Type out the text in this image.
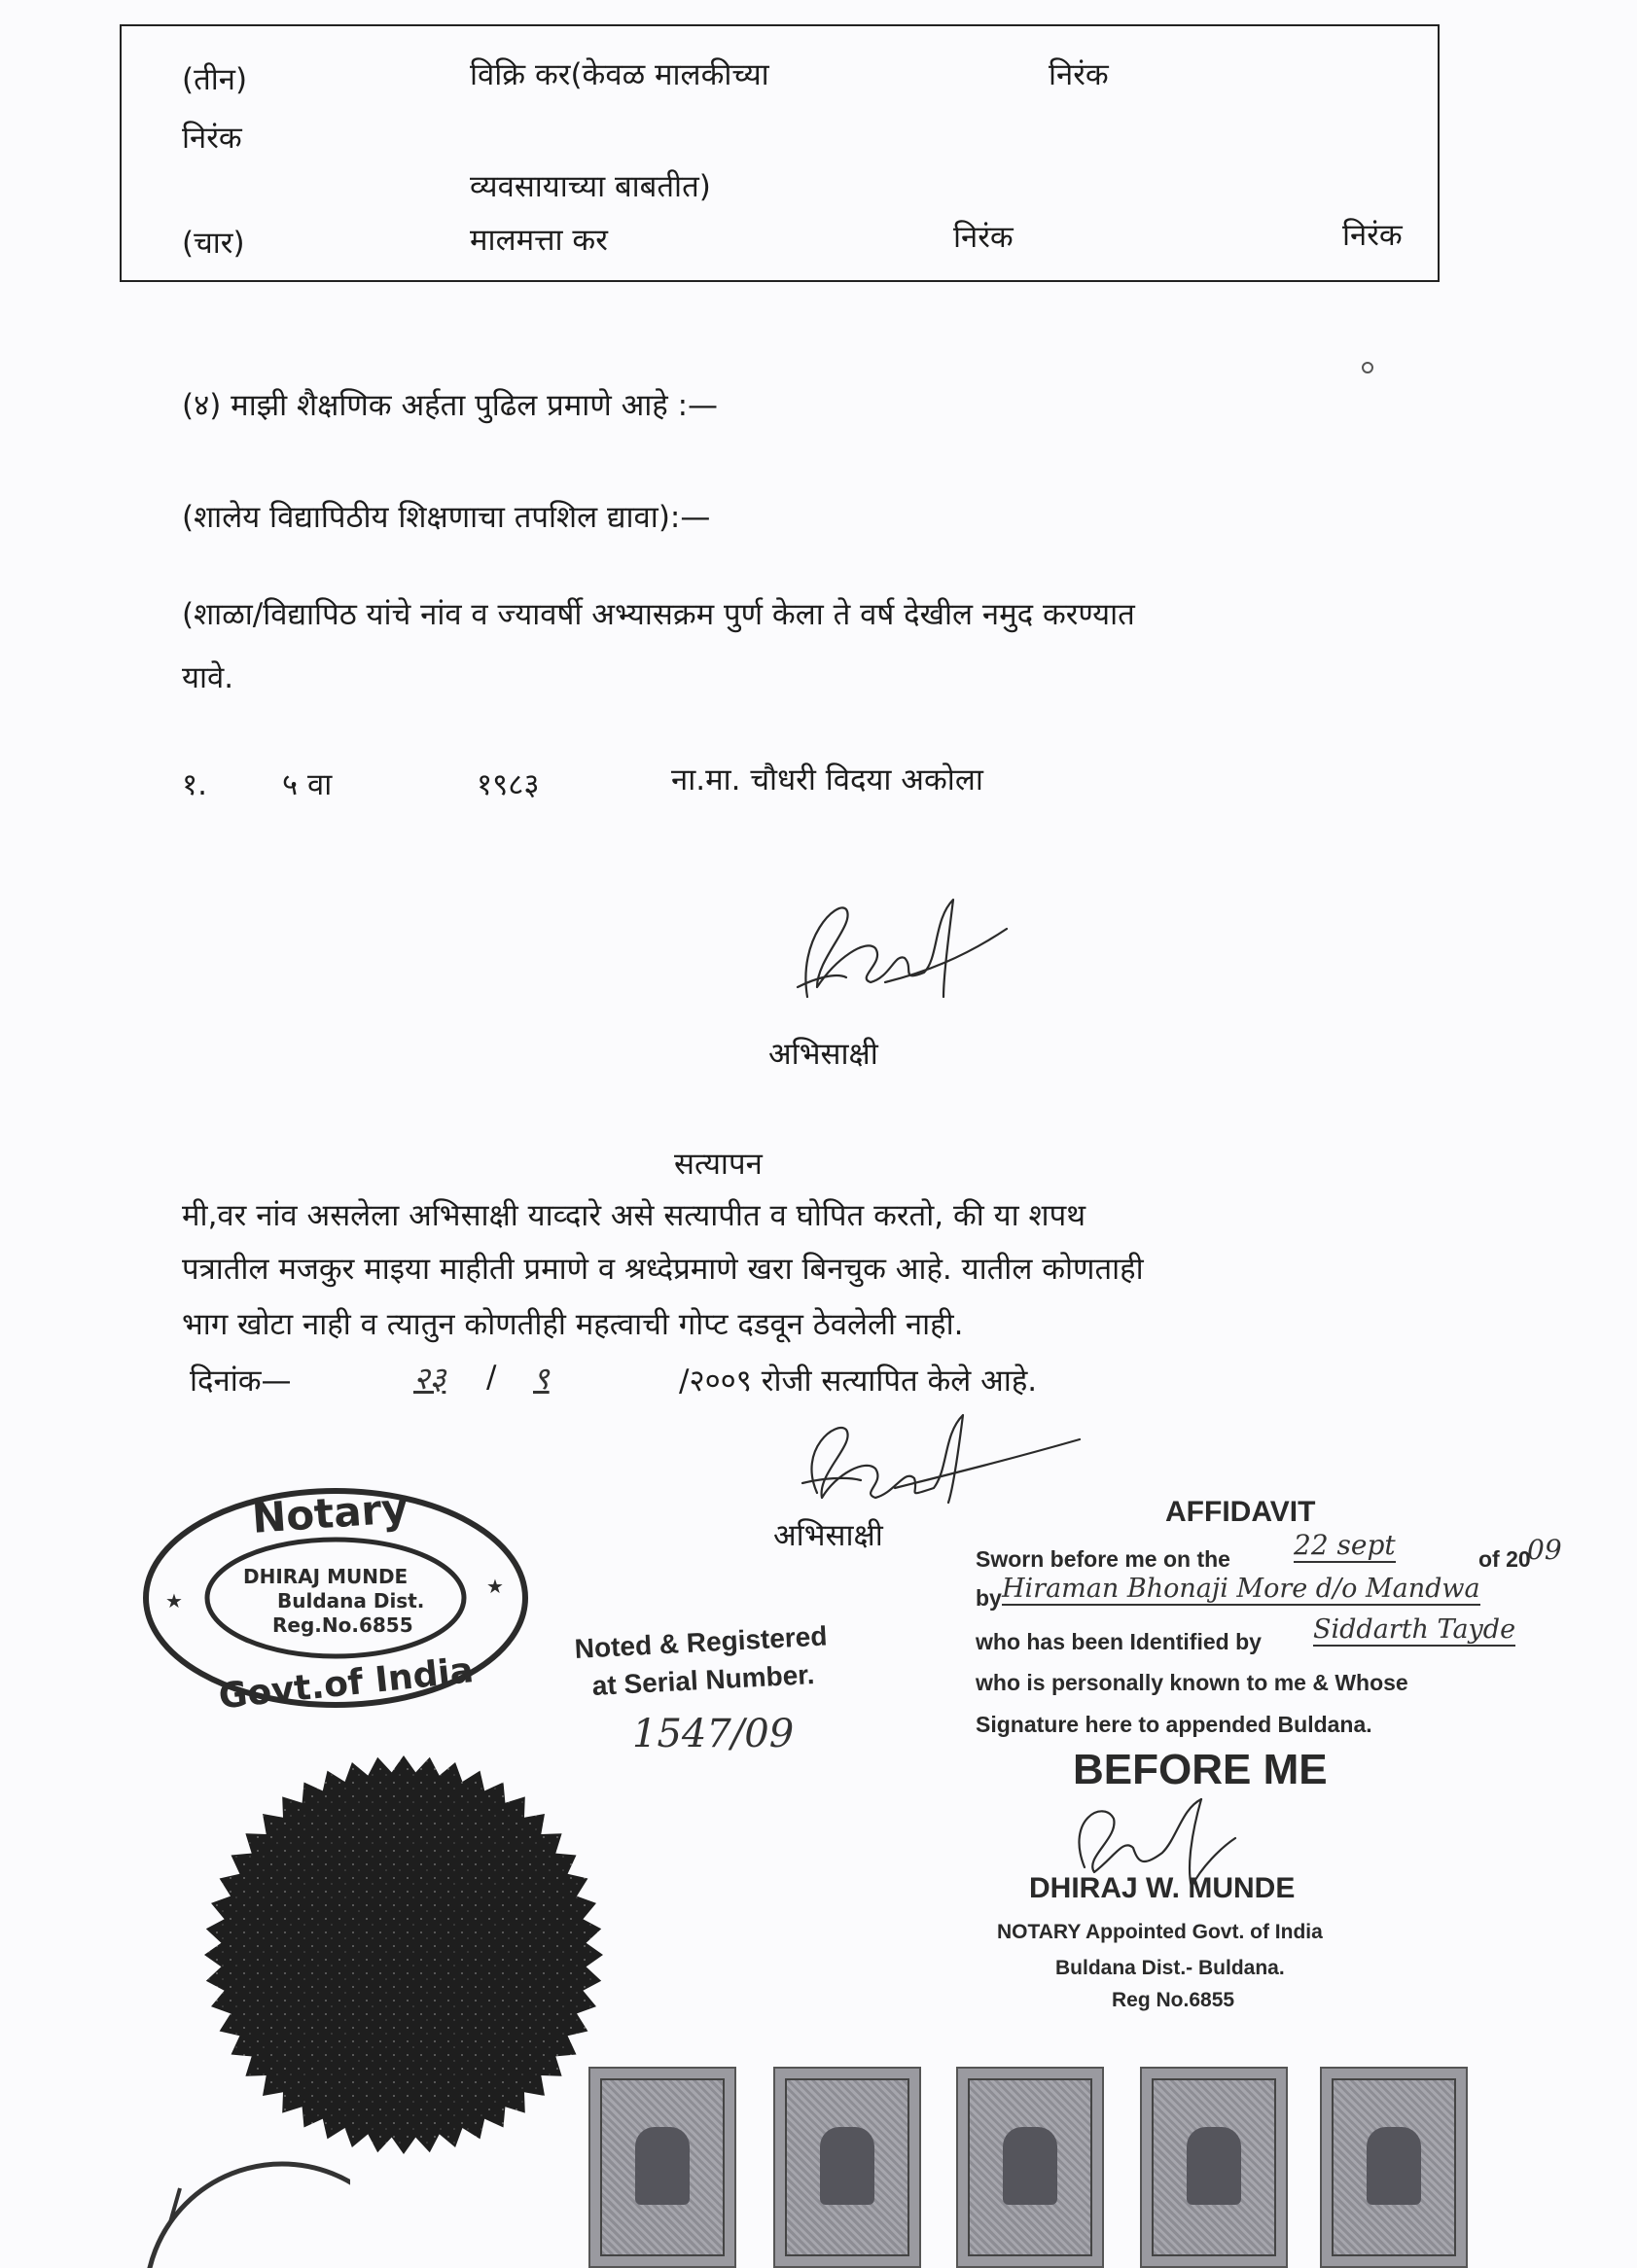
(तीन)	विक्रि कर(केवळ मालकीच्या	निरंक
निरंक
व्यवसायाच्या बाबतीत)
(चार)	मालमत्ता कर	निरंक	निरंक
(४) माझी शैक्षणिक अर्हता पुढिल प्रमाणे आहे :—
(शालेय विद्यापिठीय शिक्षणाचा तपशिल द्यावा):—
(शाळा/विद्यापिठ यांचे नांव व ज्यावर्षी अभ्यासक्रम पुर्ण केला ते वर्ष देखील नमुद करण्यात
यावे.
१. ५ वा	१९८३	ना.मा. चौधरी विदया अकोला
अभिसाक्षी
सत्यापन
मी,वर नांव असलेला अभिसाक्षी याव्दारे असे सत्यापीत व घोपित करतो, की या शपथ
पत्रातील मजकुर माइया माहीती प्रमाणे व श्रध्देप्रमाणे खरा बिनचुक आहे. यातील कोणताही
भाग खोटा नाही व त्यातुन कोणतीही महत्वाची गोप्ट दडवून ठेवलेली नाही.
दिनांक—	२३ / ९	/२००९ रोजी सत्यापित केले आहे.
अभिसाक्षी
Notary
DHIRAJ MUNDE
Buldana Dist.
Reg.No.6855
Govt.of India
★
★
Noted & Registered
at Serial Number.
1547/09
AFFIDAVIT
Sworn before me on the 22 sept	of 20
09
by Hiraman Bhonaji More d/o Mandwa
who has been Identified by Siddarth Tayde
who is personally known to me & Whose
Signature here to appended Buldana.
BEFORE ME
DHIRAJ W. MUNDE
NOTARY Appointed Govt. of India
Buldana Dist.- Buldana.
Reg No.6855
